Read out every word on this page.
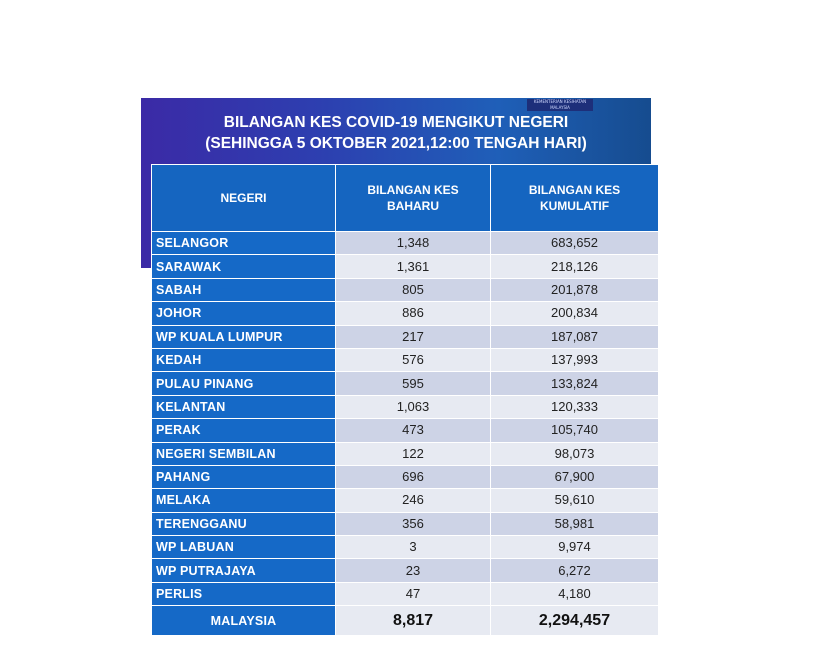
KEMENTERIAN KESIHATAN MALAYSIA
BILANGAN KES COVID-19 MENGIKUT NEGERI
(SEHINGGA 5 OKTOBER 2021,12:00 TENGAH HARI)
NEGERI	BILANGAN KES BAHARU	BILANGAN KES KUMULATIF
SELANGOR	1,348	683,652
SARAWAK	1,361	218,126
SABAH	805	201,878
JOHOR	886	200,834
WP KUALA LUMPUR	217	187,087
KEDAH	576	137,993
PULAU PINANG	595	133,824
KELANTAN	1,063	120,333
PERAK	473	105,740
NEGERI SEMBILAN	122	98,073
PAHANG	696	67,900
MELAKA	246	59,610
TERENGGANU	356	58,981
WP LABUAN	3	9,974
WP PUTRAJAYA	23	6,272
PERLIS	47	4,180
MALAYSIA	8,817	2,294,457
